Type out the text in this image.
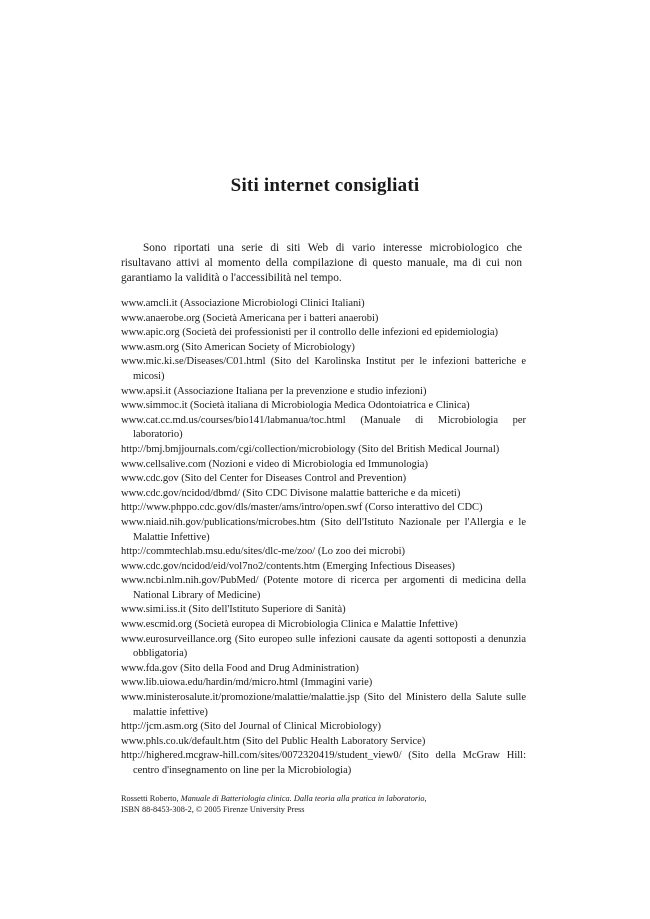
Siti internet consigliati

Sono riportati una serie di siti Web di vario interesse microbiologico che risultavano attivi al momento della compilazione di questo manuale, ma di cui non garantiamo la validità o l'accessibilità nel tempo.

www.amcli.it (Associazione Microbiologi Clinici Italiani)
www.anaerobe.org (Società Americana per i batteri anaerobi)
www.apic.org (Società dei professionisti per il controllo delle infezioni ed epidemiologia)
www.asm.org (Sito American Society of Microbiology)
www.mic.ki.se/Diseases/C01.html (Sito del Karolinska Institut per le infezioni batteriche e micosi)
www.apsi.it (Associazione Italiana per la prevenzione e studio infezioni)
www.simmoc.it (Società italiana di Microbiologia Medica Odontoiatrica e Clinica)
www.cat.cc.md.us/courses/bio141/labmanua/toc.html (Manuale di Microbiologia per laboratorio)
http://bmj.bmjjournals.com/cgi/collection/microbiology (Sito del British Medical Journal)
www.cellsalive.com (Nozioni e video di Microbiologia ed Immunologia)
www.cdc.gov (Sito del Center for Diseases Control and Prevention)
www.cdc.gov/ncidod/dbmd/ (Sito CDC Divisone malattie batteriche e da miceti)
http://www.phppo.cdc.gov/dls/master/ams/intro/open.swf (Corso interattivo del CDC)
www.niaid.nih.gov/publications/microbes.htm (Sito dell'Istituto Nazionale per l'Allergia e le Malattie Infettive)
http://commtechlab.msu.edu/sites/dlc-me/zoo/ (Lo zoo dei microbi)
www.cdc.gov/ncidod/eid/vol7no2/contents.htm (Emerging Infectious Diseases)
www.ncbi.nlm.nih.gov/PubMed/ (Potente motore di ricerca per argomenti di medicina della National Library of Medicine)
www.simi.iss.it (Sito dell'Istituto Superiore di Sanità)
www.escmid.org (Società europea di Microbiologia Clinica e Malattie Infettive)
www.eurosurveillance.org (Sito europeo sulle infezioni causate da agenti sottoposti a denunzia obbligatoria)
www.fda.gov (Sito della Food and Drug Administration)
www.lib.uiowa.edu/hardin/md/micro.html (Immagini varie)
www.ministerosalute.it/promozione/malattie/malattie.jsp (Sito del Ministero della Salute sulle malattie infettive)
http://jcm.asm.org (Sito del Journal of Clinical Microbiology)
www.phls.co.uk/default.htm (Sito del Public Health Laboratory Service)
http://highered.mcgraw-hill.com/sites/0072320419/student_view0/ (Sito della McGraw Hill: centro d'insegnamento on line per la Microbiologia)
Rossetti Roberto, Manuale di Batteriologia clinica. Dalla teoria alla pratica in laboratorio,
ISBN 88-8453-308-2, © 2005 Firenze University Press
